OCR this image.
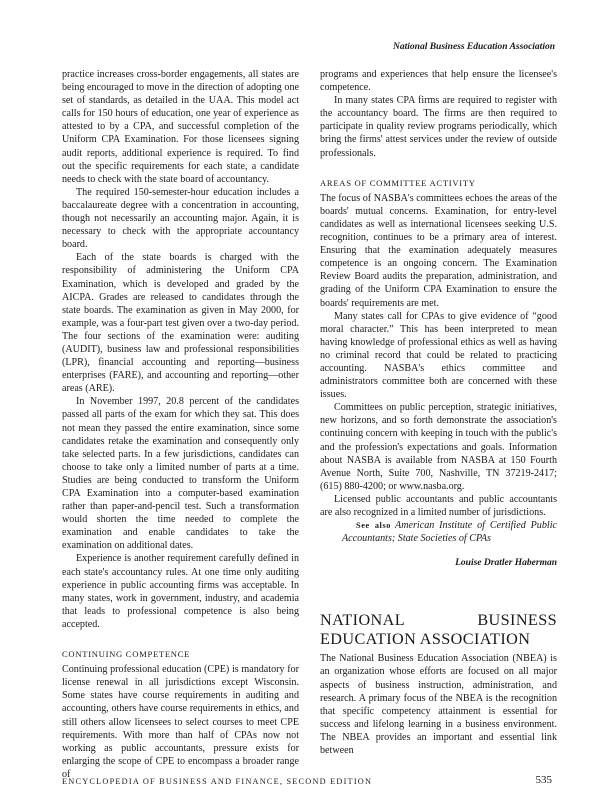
National Business Education Association

practice increases cross-border engagements, all states are being encouraged to move in the direction of adopting one set of standards, as detailed in the UAA. This model act calls for 150 hours of education, one year of experience as attested to by a CPA, and successful completion of the Uniform CPA Examination. For those licensees signing audit reports, additional experience is required. To find out the specific requirements for each state, a candidate needs to check with the state board of accountancy.

The required 150-semester-hour education includes a baccalaureate degree with a concentration in accounting, though not necessarily an accounting major. Again, it is necessary to check with the appropriate accountancy board.

Each of the state boards is charged with the responsibility of administering the Uniform CPA Examination, which is developed and graded by the AICPA. Grades are released to candidates through the state boards. The examination as given in May 2000, for example, was a four-part test given over a two-day period. The four sections of the examination were: auditing (AUDIT), business law and professional responsibilities (LPR), financial accounting and reporting—business enterprises (FARE), and accounting and reporting—other areas (ARE).

In November 1997, 20.8 percent of the candidates passed all parts of the exam for which they sat. This does not mean they passed the entire examination, since some candidates retake the examination and consequently only take selected parts. In a few jurisdictions, candidates can choose to take only a limited number of parts at a time. Studies are being conducted to transform the Uniform CPA Examination into a computer-based examination rather than paper-and-pencil test. Such a transformation would shorten the time needed to complete the examination and enable candidates to take the examination on additional dates.

Experience is another requirement carefully defined in each state's accountancy rules. At one time only auditing experience in public accounting firms was acceptable. In many states, work in government, industry, and academia that leads to professional competence is also being accepted.

CONTINUING COMPETENCE

Continuing professional education (CPE) is mandatory for license renewal in all jurisdictions except Wisconsin. Some states have course requirements in auditing and accounting, others have course requirements in ethics, and still others allow licensees to select courses to meet CPE requirements. With more than half of CPAs now not working as public accountants, pressure exists for enlarging the scope of CPE to encompass a broader range of

programs and experiences that help ensure the licensee's competence.

In many states CPA firms are required to register with the accountancy board. The firms are then required to participate in quality review programs periodically, which bring the firms' attest services under the review of outside professionals.

AREAS OF COMMITTEE ACTIVITY

The focus of NASBA's committees echoes the areas of the boards' mutual concerns. Examination, for entry-level candidates as well as international licensees seeking U.S. recognition, continues to be a primary area of interest. Ensuring that the examination adequately measures competence is an ongoing concern. The Examination Review Board audits the preparation, administration, and grading of the Uniform CPA Examination to ensure the boards' requirements are met.

Many states call for CPAs to give evidence of “good moral character.” This has been interpreted to mean having knowledge of professional ethics as well as having no criminal record that could be related to practicing accounting. NASBA's ethics committee and administrators committee both are concerned with these issues.

Committees on public perception, strategic initiatives, new horizons, and so forth demonstrate the association's continuing concern with keeping in touch with the public's and the profession's expectations and goals. Information about NASBA is available from NASBA at 150 Fourth Avenue North, Suite 700, Nashville, TN 37219-2417; (615) 880-4200; or www.nasba.org.

Licensed public accountants and public accountants are also recognized in a limited number of jurisdictions.

See also American Institute of Certified Public Accountants; State Societies of CPAs

Louise Dratler Haberman
NATIONAL BUSINESS EDUCATION ASSOCIATION

The National Business Education Association (NBEA) is an organization whose efforts are focused on all major aspects of business instruction, administration, and research. A primary focus of the NBEA is the recognition that specific competency attainment is essential for success and lifelong learning in a business environment. The NBEA provides an important and essential link between

ENCYCLOPEDIA OF BUSINESS AND FINANCE, SECOND EDITION	535
